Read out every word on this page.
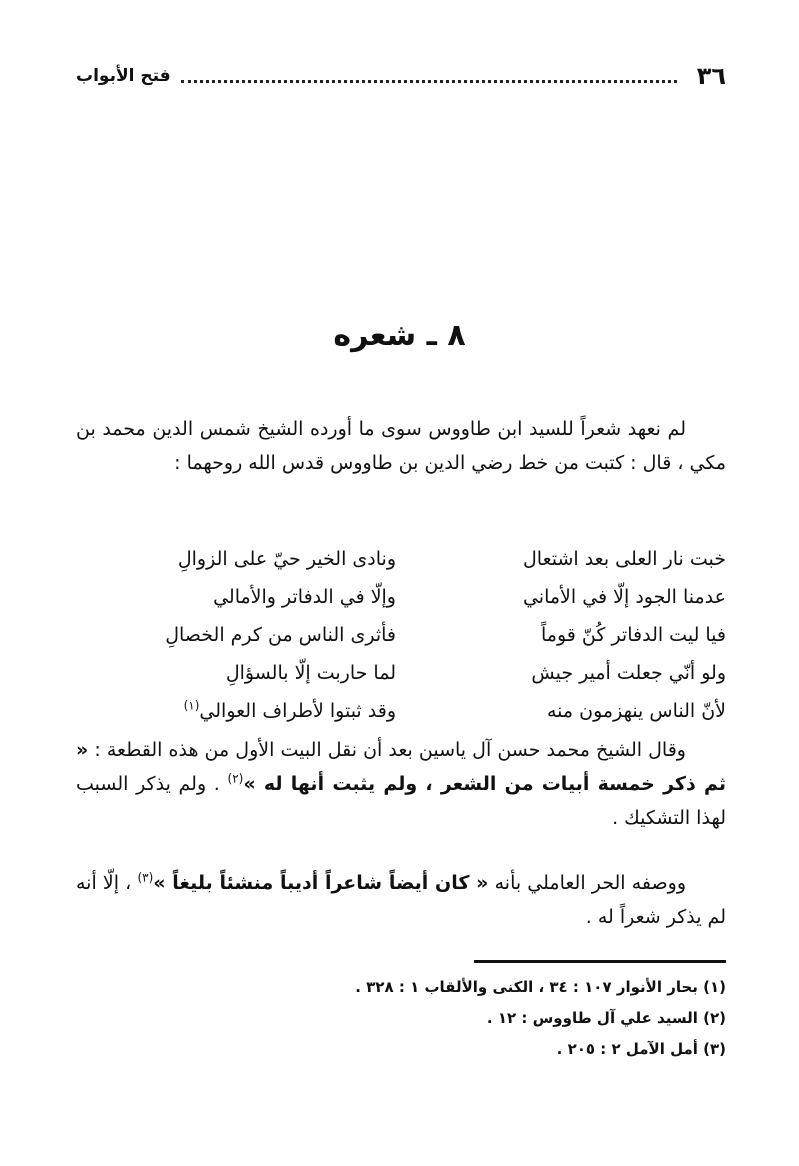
٣٦
فتح الأبواب
٨ ـ شعره
لم نعهد شعراً للسيد ابن طاووس سوى ما أورده الشيخ شمس الدين محمد بن مكي ، قال : كتبت من خط رضي الدين بن طاووس قدس الله روحهما :
خبت نار العلى بعد اشتعال
ونادى الخير حيّ على الزوالِ
عدمنا الجود إلّا في الأماني
وإلّا في الدفاتر والأمالي
فيا ليت الدفاتر كُنّ قوماً
فأثرى الناس من كرم الخصالِ
ولو أنّي جعلت أمير جيش
لما حاربت إلّا بالسؤالِ
لأنّ الناس ينهزمون منه
وقد ثبتوا لأطراف العوالي$^{(١)}$
وقال الشيخ محمد حسن آل ياسين بعد أن نقل البيت الأول من هذه القطعة : « ثم ذكر خمسة أبيات من الشعر ، ولم يثبت أنها له »$^{(٢)}$ . ولم يذكر السبب لهذا التشكيك .
ووصفه الحر العاملي بأنه « كان أيضاً شاعراً أديباً منشئاً بليغاً »$^{(٣)}$ ، إلّا أنه لم يذكر شعراً له .
(١) بحار الأنوار ١٠٧ : ٣٤ ، الكنى والألقاب ١ : ٣٢٨ .
(٢) السيد علي آل طاووس : ١٢ .
(٣) أمل الآمل ٢ : ٢٠٥ .
